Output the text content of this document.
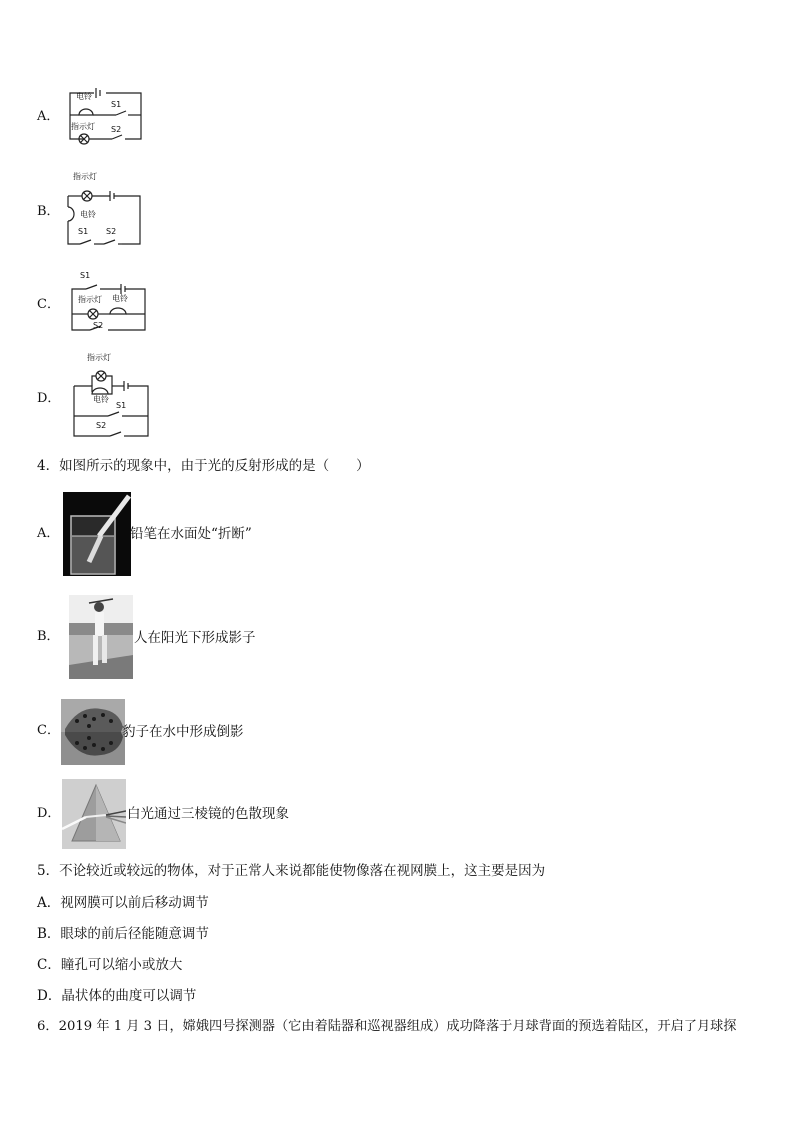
A．
电铃
S1
指示灯 S2
B．
指示灯
电铃
S1 S2
C．
S1
指示灯 电铃
S2
D．
指示灯
电铃
S1
S2
4．如图所示的现象中，由于光的反射形成的是（　　）
A．	铅笔在水面处“折断”
B．	人在阳光下形成影子
C．	豹子在水中形成倒影
D．	白光通过三棱镜的色散现象
5．不论较近或较远的物体，对于正常人来说都能使物像落在视网膜上，这主要是因为
A．视网膜可以前后移动调节
B．眼球的前后径能随意调节
C．瞳孔可以缩小或放大
D．晶状体的曲度可以调节
6．2019 年 1 月 3 日，嫦娥四号探测器（它由着陆器和巡视器组成）成功降落于月球背面的预选着陆区，开启了月球探
